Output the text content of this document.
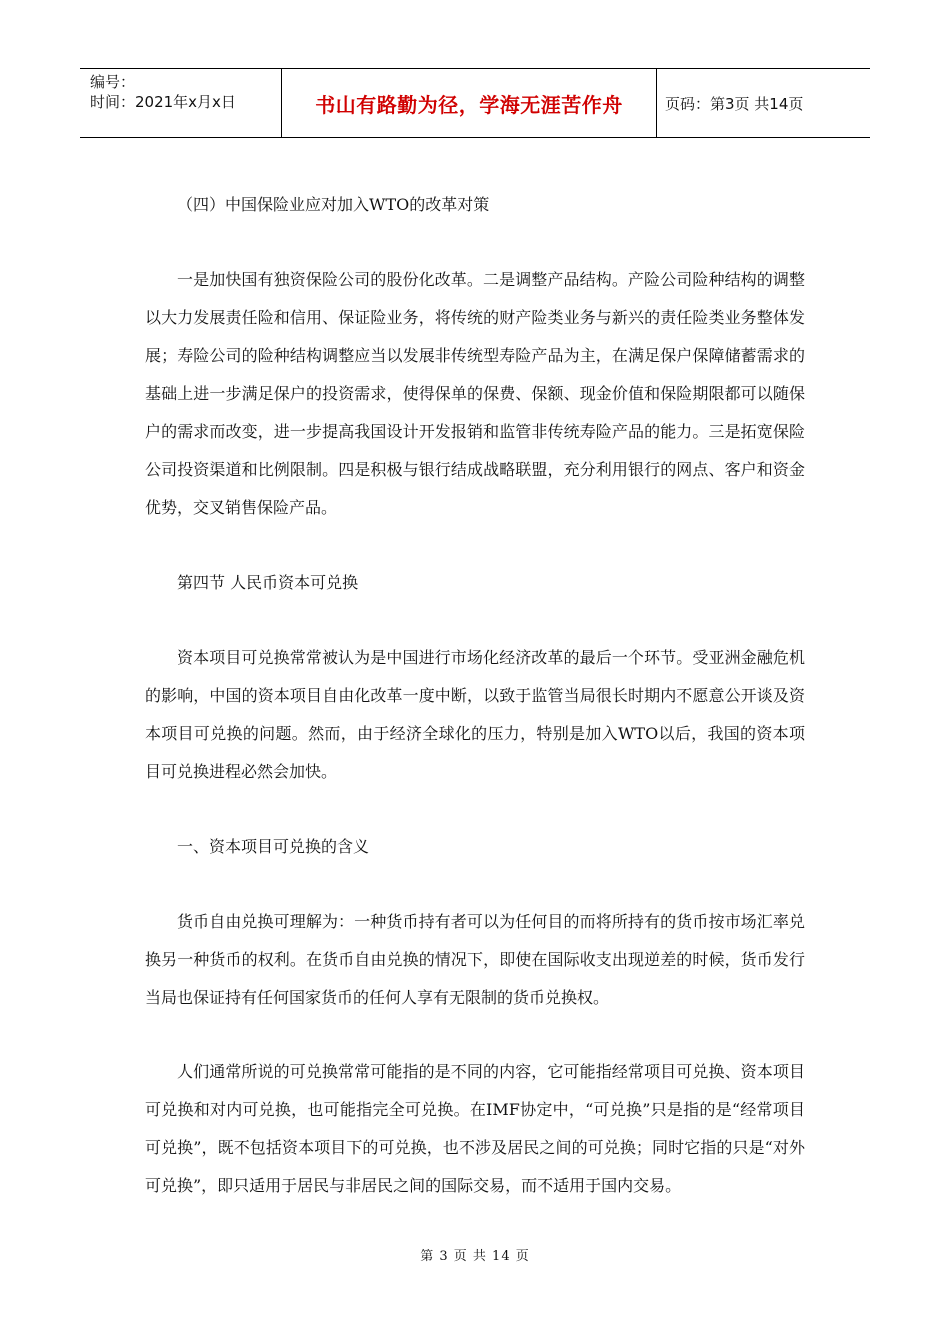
编号：
时间：2021年x月x日	书山有路勤为径，学海无涯苦作舟	页码：第3页 共14页

（四）中国保险业应对加入WTO的改革对策

一是加快国有独资保险公司的股份化改革。二是调整产品结构。产险公司险种结构的调整以大力发展责任险和信用、保证险业务，将传统的财产险类业务与新兴的责任险类业务整体发展；寿险公司的险种结构调整应当以发展非传统型寿险产品为主，在满足保户保障储蓄需求的基础上进一步满足保户的投资需求，使得保单的保费、保额、现金价值和保险期限都可以随保户的需求而改变，进一步提高我国设计开发报销和监管非传统寿险产品的能力。三是拓宽保险公司投资渠道和比例限制。四是积极与银行结成战略联盟，充分利用银行的网点、客户和资金优势，交叉销售保险产品。

第四节 人民币资本可兑换

资本项目可兑换常常被认为是中国进行市场化经济改革的最后一个环节。受亚洲金融危机的影响，中国的资本项目自由化改革一度中断，以致于监管当局很长时期内不愿意公开谈及资本项目可兑换的问题。然而，由于经济全球化的压力，特别是加入WTO以后，我国的资本项目可兑换进程必然会加快。

一、资本项目可兑换的含义

货币自由兑换可理解为：一种货币持有者可以为任何目的而将所持有的货币按市场汇率兑换另一种货币的权利。在货币自由兑换的情况下，即使在国际收支出现逆差的时候，货币发行当局也保证持有任何国家货币的任何人享有无限制的货币兑换权。

人们通常所说的可兑换常常可能指的是不同的内容，它可能指经常项目可兑换、资本项目可兑换和对内可兑换，也可能指完全可兑换。在IMF协定中，“可兑换”只是指的是“经常项目可兑换”，既不包括资本项目下的可兑换，也不涉及居民之间的可兑换；同时它指的只是“对外可兑换”，即只适用于居民与非居民之间的国际交易，而不适用于国内交易。

第 3 页 共 14 页
